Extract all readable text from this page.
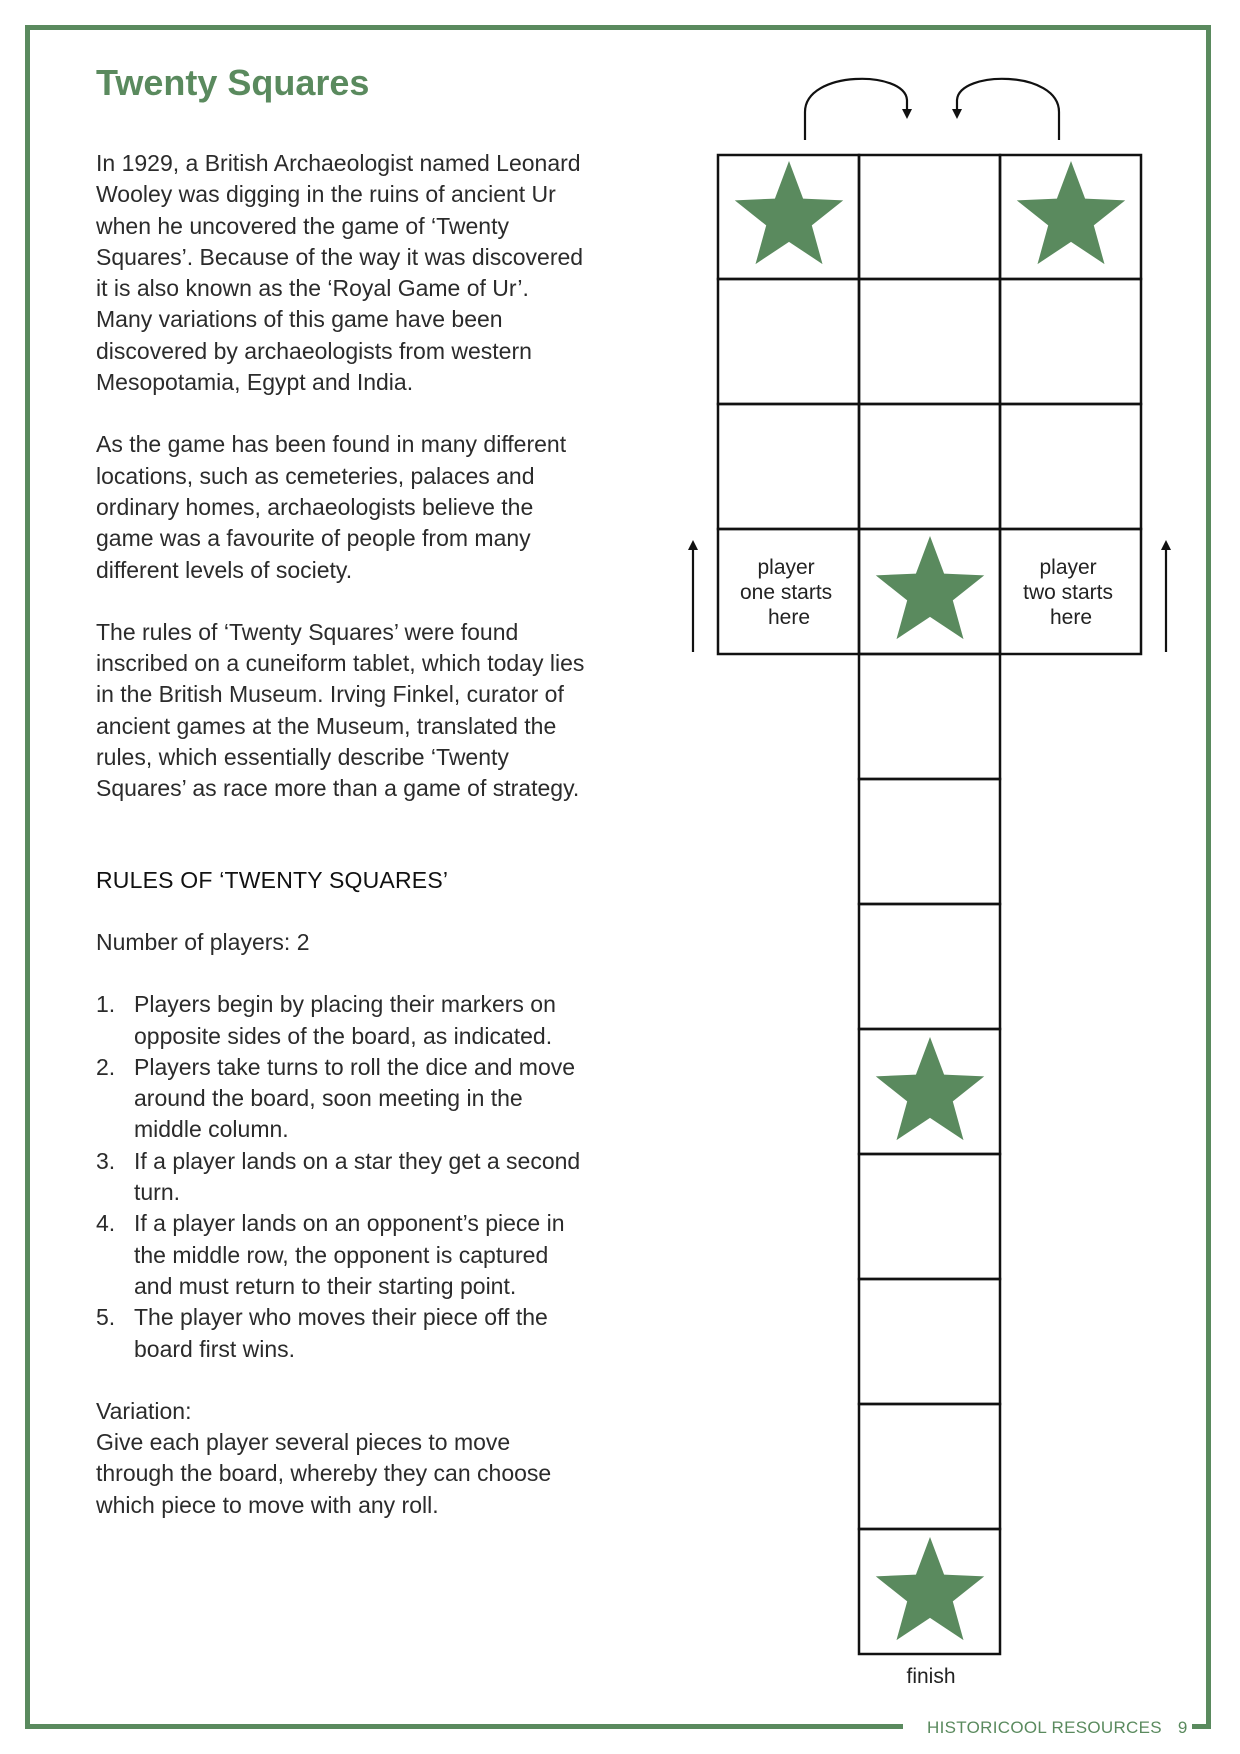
HISTORICOOL RESOURCES 9
Twenty Squares

In 1929, a British Archaeologist named Leonard Wooley was digging in the ruins of ancient Ur when he uncovered the game of ‘Twenty Squares’. Because of the way it was discovered it is also known as the ‘Royal Game of Ur’. Many variations of this game have been discovered by archaeologists from western Mesopotamia, Egypt and India.

As the game has been found in many different locations, such as cemeteries, palaces and ordinary homes, archaeologists believe the game was a favourite of people from many different levels of society.

The rules of ‘Twenty Squares’ were found inscribed on a cuneiform tablet, which today lies in the British Museum. Irving Finkel, curator of ancient games at the Museum, translated the rules, which essentially describe ‘Twenty Squares’ as race more than a game of strategy.

RULES OF ‘TWENTY SQUARES’

Number of players: 2

1. Players begin by placing their markers on opposite sides of the board, as indicated.
2. Players take turns to roll the dice and move around the board, soon meeting in the middle column.
3. If a player lands on a star they get a second turn.
4. If a player lands on an opponent’s piece in the middle row, the opponent is captured and must return to their starting point.
5. The player who moves their piece off the board first wins.

Variation:

Give each player several pieces to move through the board, whereby they can choose which piece to move with any roll.

player one starts here
player two starts here
finish
